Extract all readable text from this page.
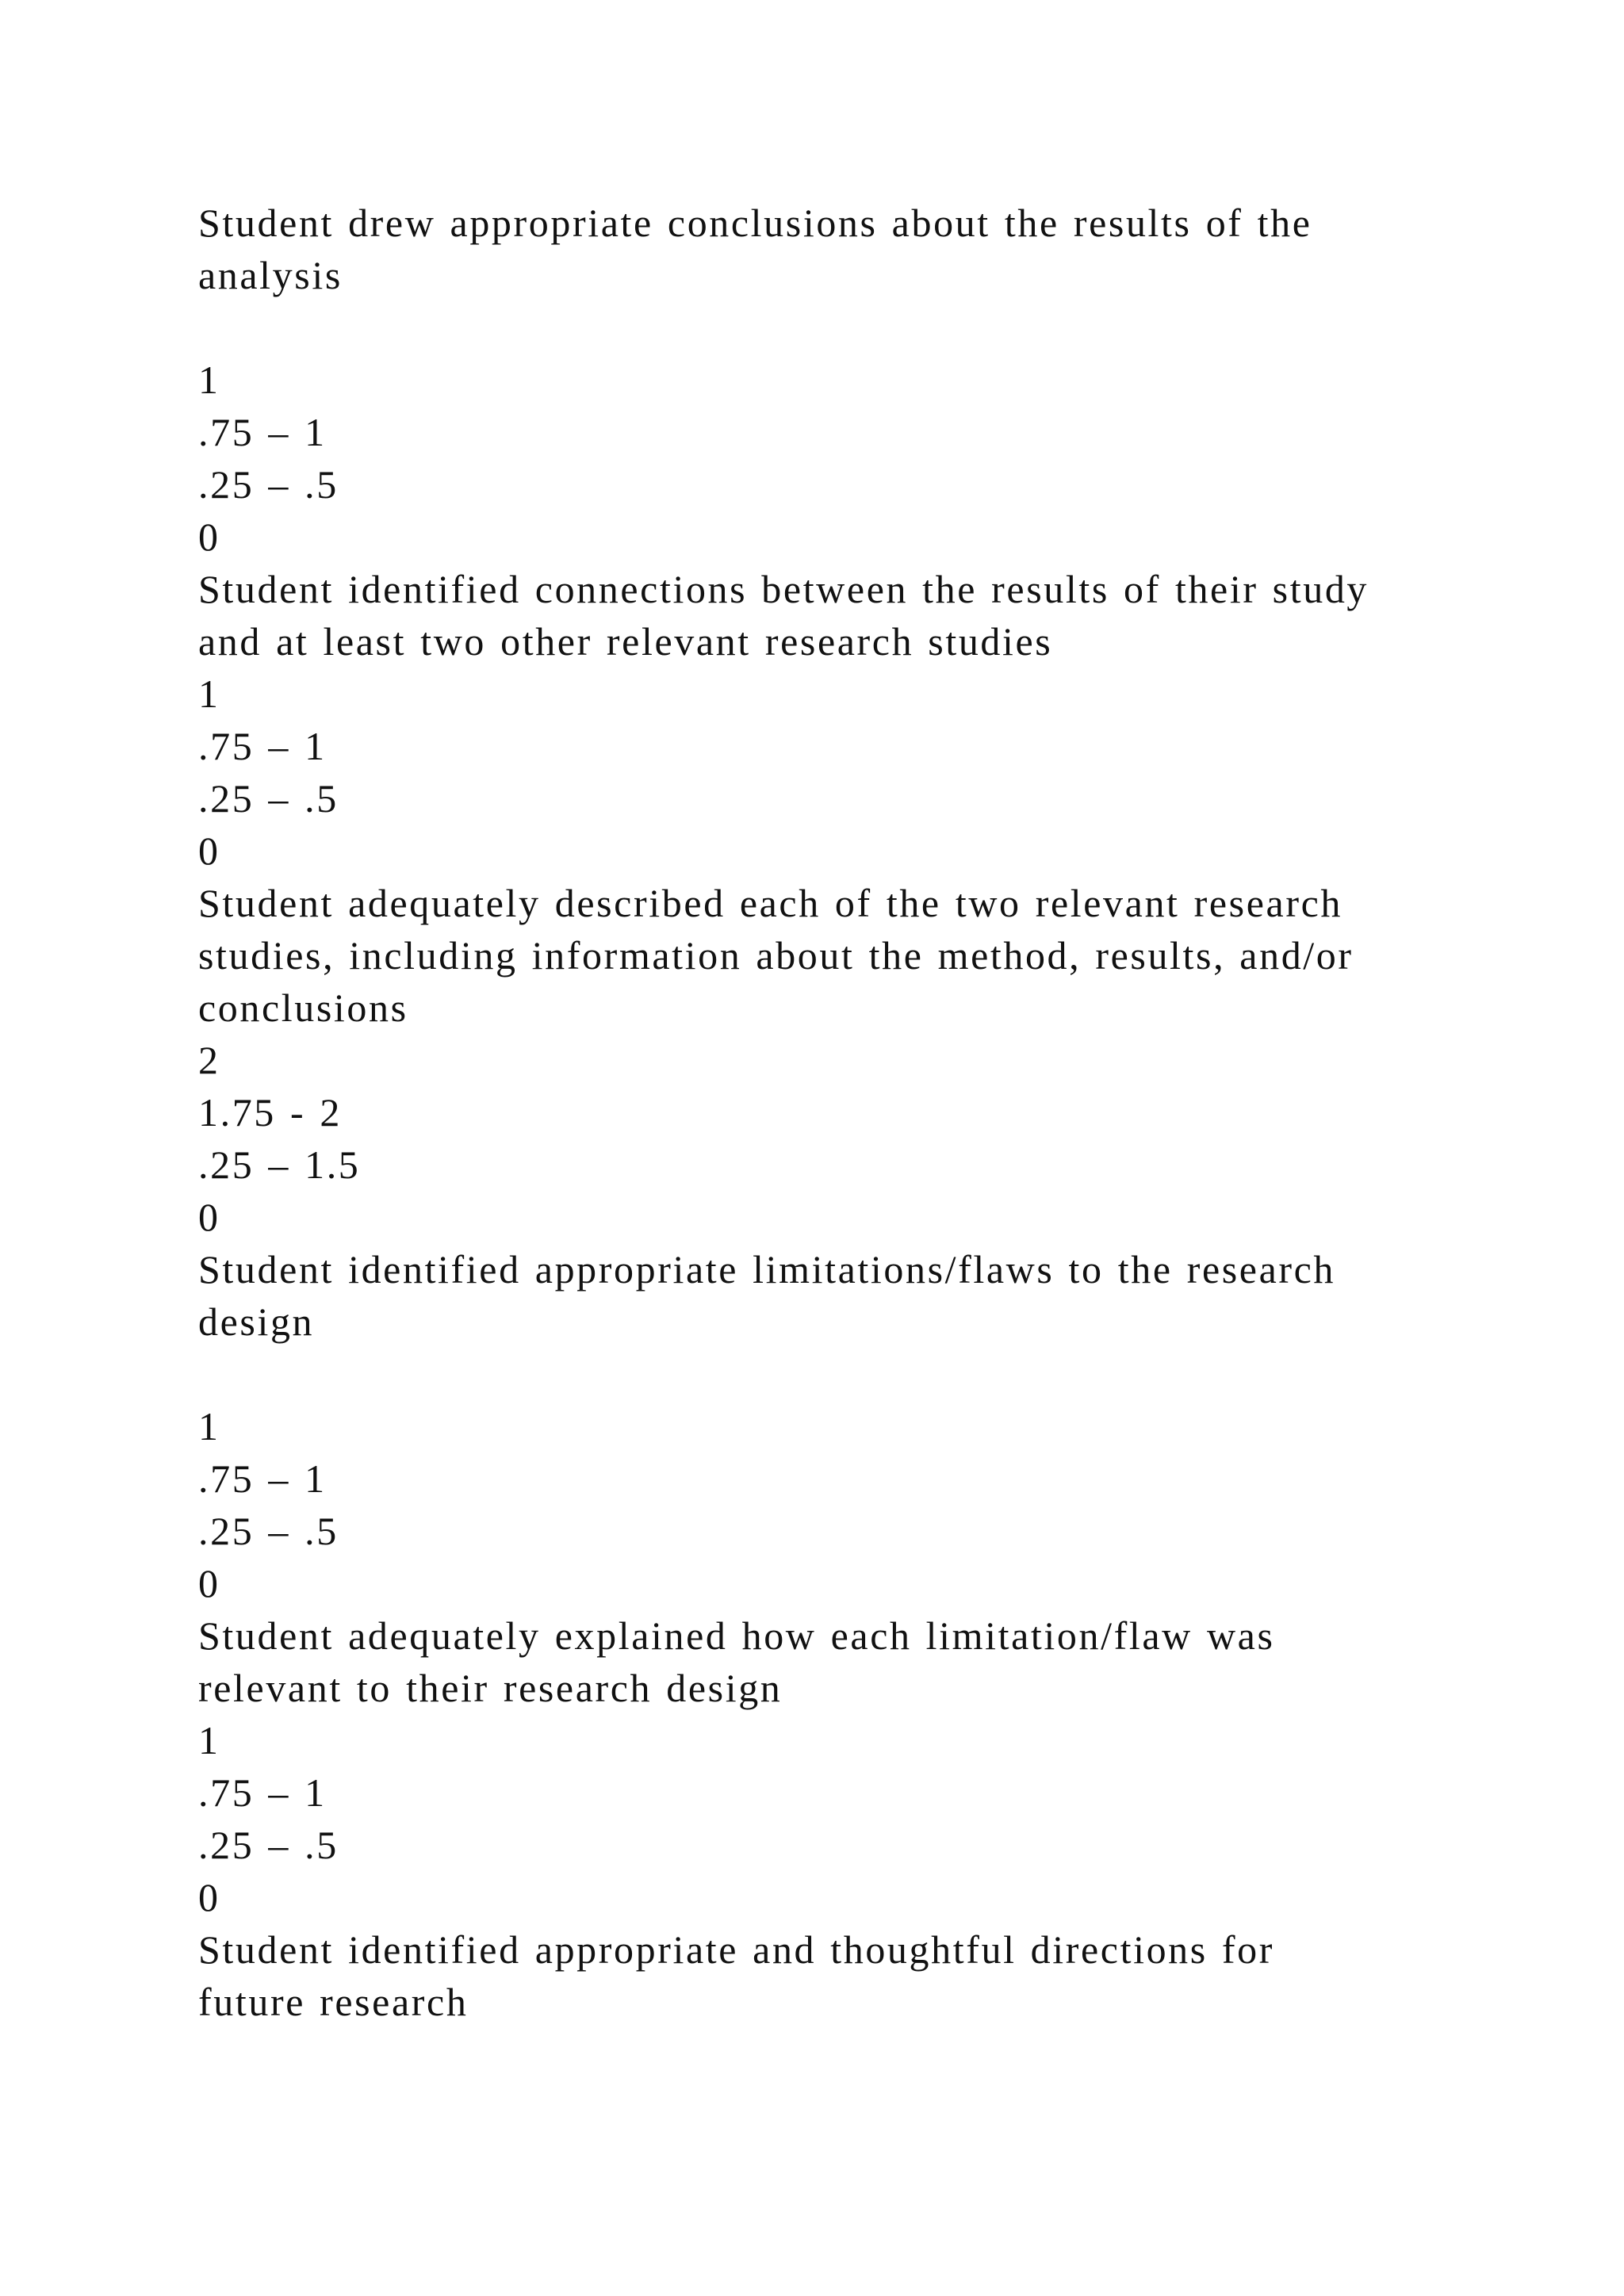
Student drew appropriate conclusions about the results of the
analysis
1
.75 – 1
.25 – .5
0
Student identified connections between the results of their study
and at least two other relevant research studies
1
.75 – 1
.25 – .5
0
Student adequately described each of the two relevant research
studies, including information about the method, results, and/or
conclusions
2
1.75 - 2
.25 – 1.5
0
Student identified appropriate limitations/flaws to the research
design
1
.75 – 1
.25 – .5
0
Student adequately explained how each limitation/flaw was
relevant to their research design
1
.75 – 1
.25 – .5
0
Student identified appropriate and thoughtful directions for
future research
